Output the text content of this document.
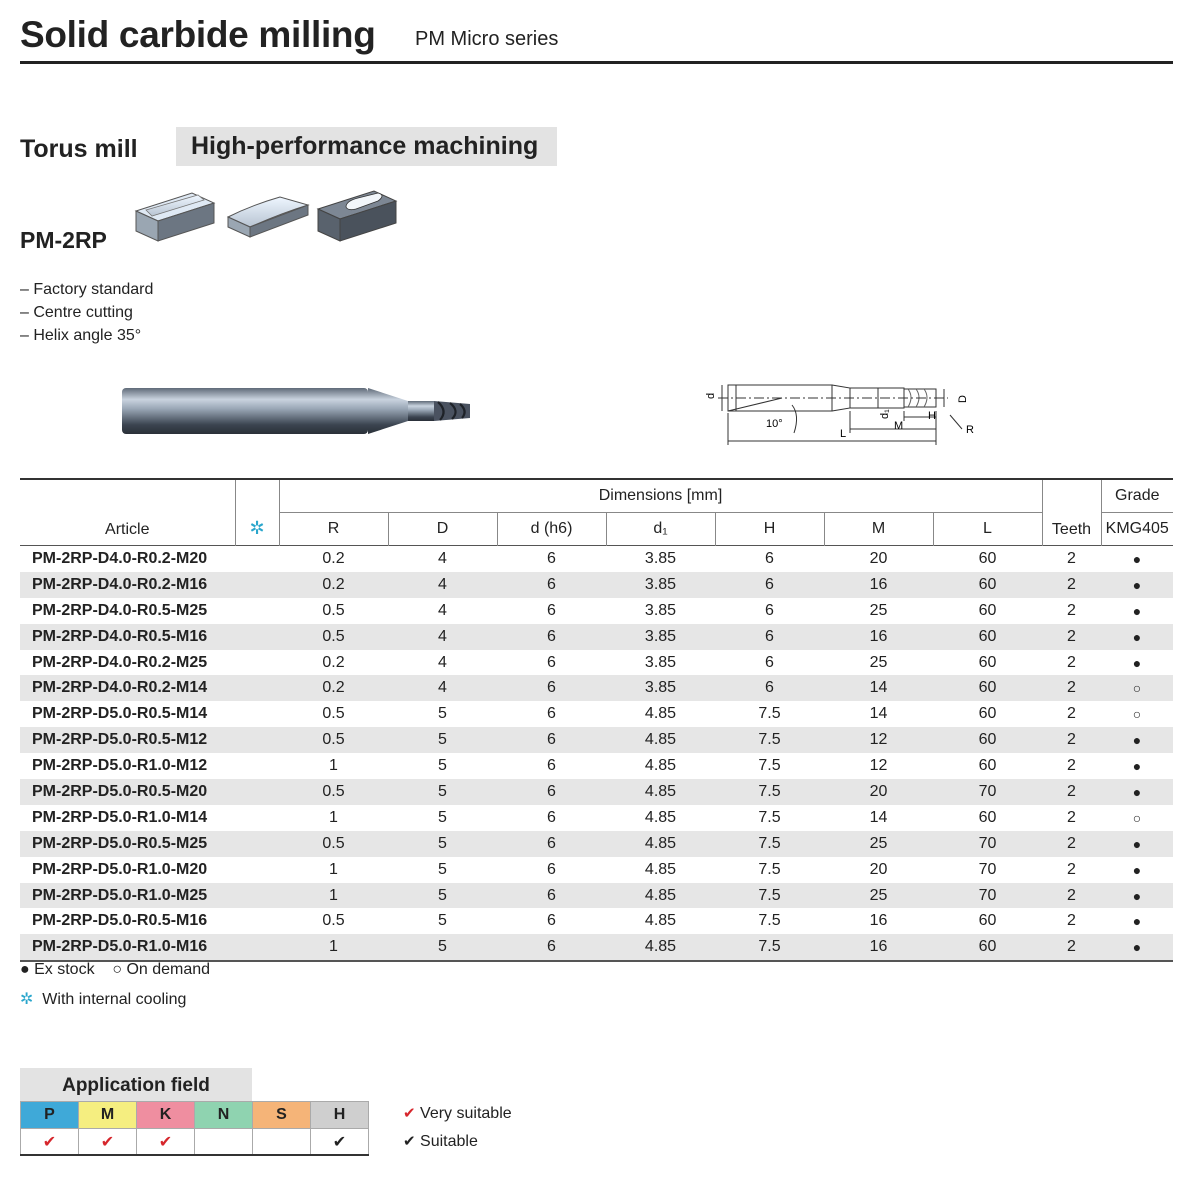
Solid carbide milling PM Micro series
Torus mill	High-performance machining
PM-2RP
– Factory standard
– Centre cutting
– Helix angle 35°
d
10°
L
M
H
d₁
D
R
Article	✲	Dimensions [mm]							Teeth	Grade
		R	D	d (h6)	d₁	H	M	L		KMG405
PM-2RP-D4.0-R0.2-M20		0.2	4	6	3.85	6	20	60	2	●
PM-2RP-D4.0-R0.2-M16		0.2	4	6	3.85	6	16	60	2	●
PM-2RP-D4.0-R0.5-M25		0.5	4	6	3.85	6	25	60	2	●
PM-2RP-D4.0-R0.5-M16		0.5	4	6	3.85	6	16	60	2	●
PM-2RP-D4.0-R0.2-M25		0.2	4	6	3.85	6	25	60	2	●
PM-2RP-D4.0-R0.2-M14		0.2	4	6	3.85	6	14	60	2	○
PM-2RP-D5.0-R0.5-M14		0.5	5	6	4.85	7.5	14	60	2	○
PM-2RP-D5.0-R0.5-M12		0.5	5	6	4.85	7.5	12	60	2	●
PM-2RP-D5.0-R1.0-M12		1	5	6	4.85	7.5	12	60	2	●
PM-2RP-D5.0-R0.5-M20		0.5	5	6	4.85	7.5	20	70	2	●
PM-2RP-D5.0-R1.0-M14		1	5	6	4.85	7.5	14	60	2	○
PM-2RP-D5.0-R0.5-M25		0.5	5	6	4.85	7.5	25	70	2	●
PM-2RP-D5.0-R1.0-M20		1	5	6	4.85	7.5	20	70	2	●
PM-2RP-D5.0-R1.0-M25		1	5	6	4.85	7.5	25	70	2	●
PM-2RP-D5.0-R0.5-M16		0.5	5	6	4.85	7.5	16	60	2	●
PM-2RP-D5.0-R1.0-M16		1	5	6	4.85	7.5	16	60	2	●
● Ex stock ○ On demand
✲ With internal cooling
Application field
P	M	K	N	S	H
✔	✔	✔			✔
✔ Very suitable
✔ Suitable
